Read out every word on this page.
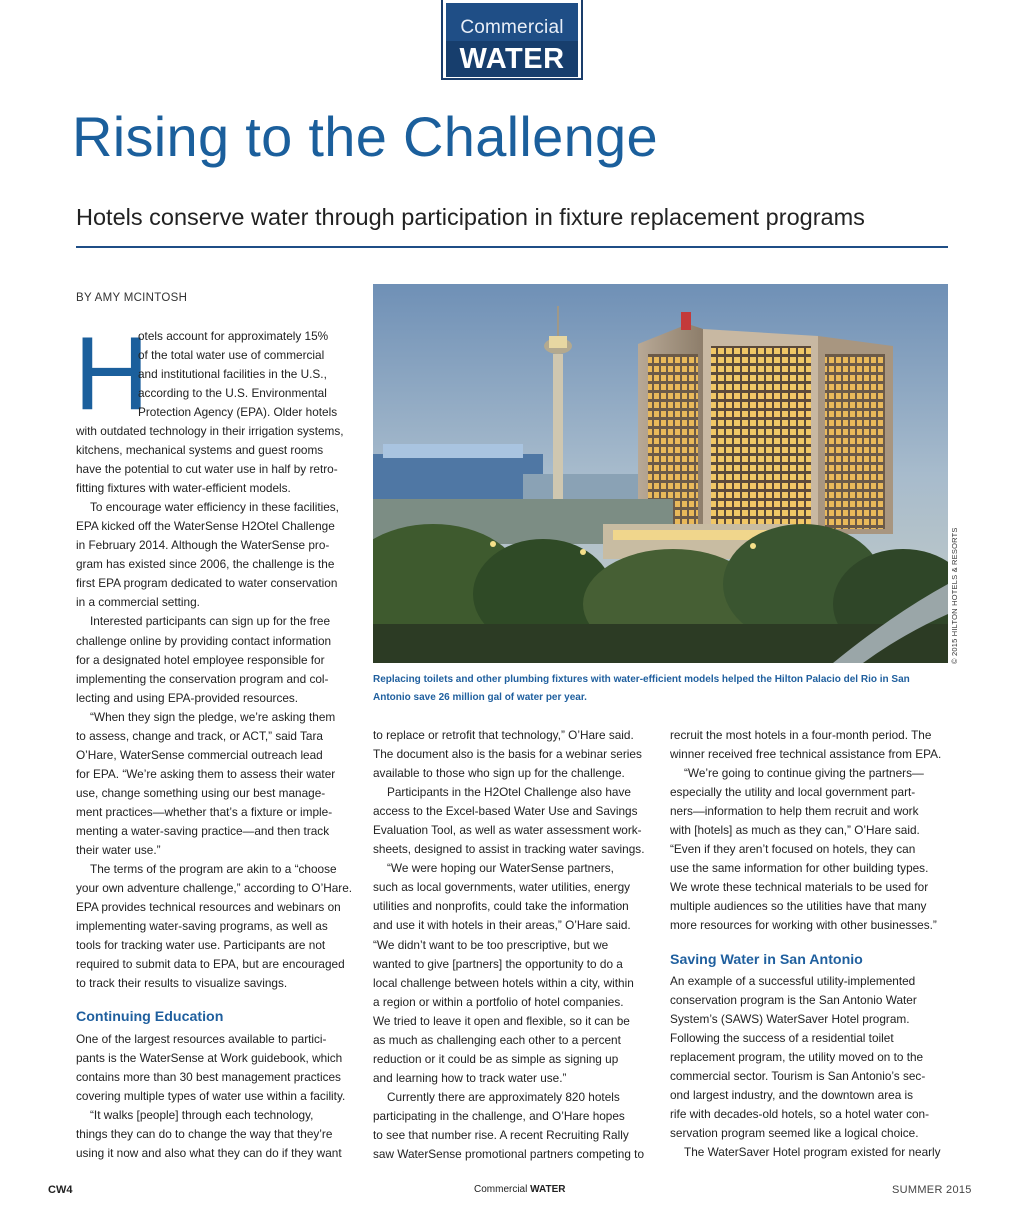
Commercial
WATER
Rising to the Challenge
Hotels conserve water through participation in fixture replacement programs
BY AMY MCINTOSH
H
otels account for approximately 15%
of the total water use of commercial
and institutional facilities in the U.S.,
according to the U.S. Environmental
Protection Agency (EPA). Older hotels
with outdated technology in their irrigation systems,
kitchens, mechanical systems and guest rooms
have the potential to cut water use in half by retro-
fitting fixtures with water-efficient models.
To encourage water efficiency in these facilities,
EPA kicked off the WaterSense H2Otel Challenge
in February 2014. Although the WaterSense pro-
gram has existed since 2006, the challenge is the
first EPA program dedicated to water conservation
in a commercial setting.
Interested participants can sign up for the free
challenge online by providing contact information
for a designated hotel employee responsible for
implementing the conservation program and col-
lecting and using EPA-provided resources.
“When they sign the pledge, we’re asking them
to assess, change and track, or ACT,” said Tara
O’Hare, WaterSense commercial outreach lead
for EPA. “We’re asking them to assess their water
use, change something using our best manage-
ment practices—whether that’s a fixture or imple-
menting a water-saving practice—and then track
their water use.”
The terms of the program are akin to a “choose
your own adventure challenge,” according to O’Hare.
EPA provides technical resources and webinars on
implementing water-saving programs, as well as
tools for tracking water use. Participants are not
required to submit data to EPA, but are encouraged
to track their results to visualize savings.
Continuing Education
One of the largest resources available to partici-
pants is the WaterSense at Work guidebook, which
contains more than 30 best management practices
covering multiple types of water use within a facility.
“It walks [people] through each technology,
things they can do to change the way that they’re
using it now and also what they can do if they want
© 2015 HILTON HOTELS & RESORTS
Replacing toilets and other plumbing fixtures with water-efficient models helped the Hilton Palacio del Rio in San
Antonio save 26 million gal of water per year.
to replace or retrofit that technology,” O’Hare said.
The document also is the basis for a webinar series
available to those who sign up for the challenge.
Participants in the H2Otel Challenge also have
access to the Excel-based Water Use and Savings
Evaluation Tool, as well as water assessment work-
sheets, designed to assist in tracking water savings.
“We were hoping our WaterSense partners,
such as local governments, water utilities, energy
utilities and nonprofits, could take the information
and use it with hotels in their areas,” O’Hare said.
“We didn’t want to be too prescriptive, but we
wanted to give [partners] the opportunity to do a
local challenge between hotels within a city, within
a region or within a portfolio of hotel companies.
We tried to leave it open and flexible, so it can be
as much as challenging each other to a percent
reduction or it could be as simple as signing up
and learning how to track water use.”
Currently there are approximately 820 hotels
participating in the challenge, and O’Hare hopes
to see that number rise. A recent Recruiting Rally
saw WaterSense promotional partners competing to
recruit the most hotels in a four-month period. The
winner received free technical assistance from EPA.
“We’re going to continue giving the partners—
especially the utility and local government part-
ners—information to help them recruit and work
with [hotels] as much as they can,” O’Hare said.
“Even if they aren’t focused on hotels, they can
use the same information for other building types.
We wrote these technical materials to be used for
multiple audiences so the utilities have that many
more resources for working with other businesses.”
Saving Water in San Antonio
An example of a successful utility-implemented
conservation program is the San Antonio Water
System’s (SAWS) WaterSaver Hotel program.
Following the success of a residential toilet
replacement program, the utility moved on to the
commercial sector. Tourism is San Antonio’s sec-
ond largest industry, and the downtown area is
rife with decades-old hotels, so a hotel water con-
servation program seemed like a logical choice.
The WaterSaver Hotel program existed for nearly
CW4	Commercial WATER	SUMMER 2015
